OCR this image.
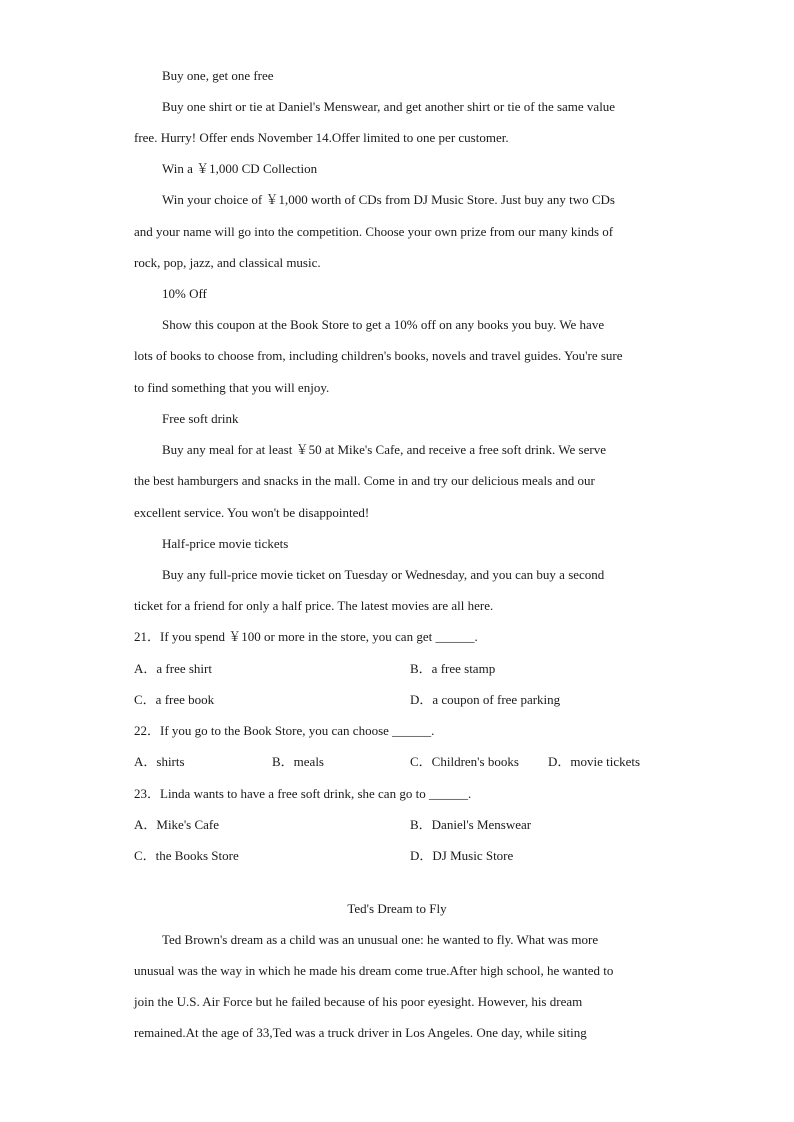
Buy one, get one free
Buy one shirt or tie at Daniel's Menswear, and get another shirt or tie of the same value
free. Hurry! Offer ends November 14.Offer limited to one per customer.
Win a ￥1,000 CD Collection
Win your choice of ￥1,000 worth of CDs from DJ Music Store. Just buy any two CDs
and your name will go into the competition. Choose your own prize from our many kinds of
rock, pop, jazz, and classical music.
10% Off
Show this coupon at the Book Store to get a 10% off on any books you buy. We have
lots of books to choose from, including children's books, novels and travel guides. You're sure
to find something that you will enjoy.
Free soft drink
Buy any meal for at least ￥50 at Mike's Cafe, and receive a free soft drink. We serve
the best hamburgers and snacks in the mall. Come in and try our delicious meals and our
excellent service. You won't be disappointed!
Half-price movie tickets
Buy any full-price movie ticket on Tuesday or Wednesday, and you can buy a second
ticket for a friend for only a half price. The latest movies are all here.
21．If you spend ￥100 or more in the store, you can get ______.
A．a free shirt	B．a free stamp
C．a free book	D．a coupon of free parking
22．If you go to the Book Store, you can choose ______.
A．shirts	B．meals	C．Children's books D．movie tickets
23．Linda wants to have a free soft drink, she can go to ______.
A．Mike's Cafe	B．Daniel's Menswear
C．the Books Store	D．DJ Music Store
Ted's Dream to Fly
Ted Brown's dream as a child was an unusual one: he wanted to fly. What was more
unusual was the way in which he made his dream come true.After high school, he wanted to
join the U.S. Air Force but he failed because of his poor eyesight. However, his dream
remained.At the age of 33,Ted was a truck driver in Los Angeles. One day, while siting
